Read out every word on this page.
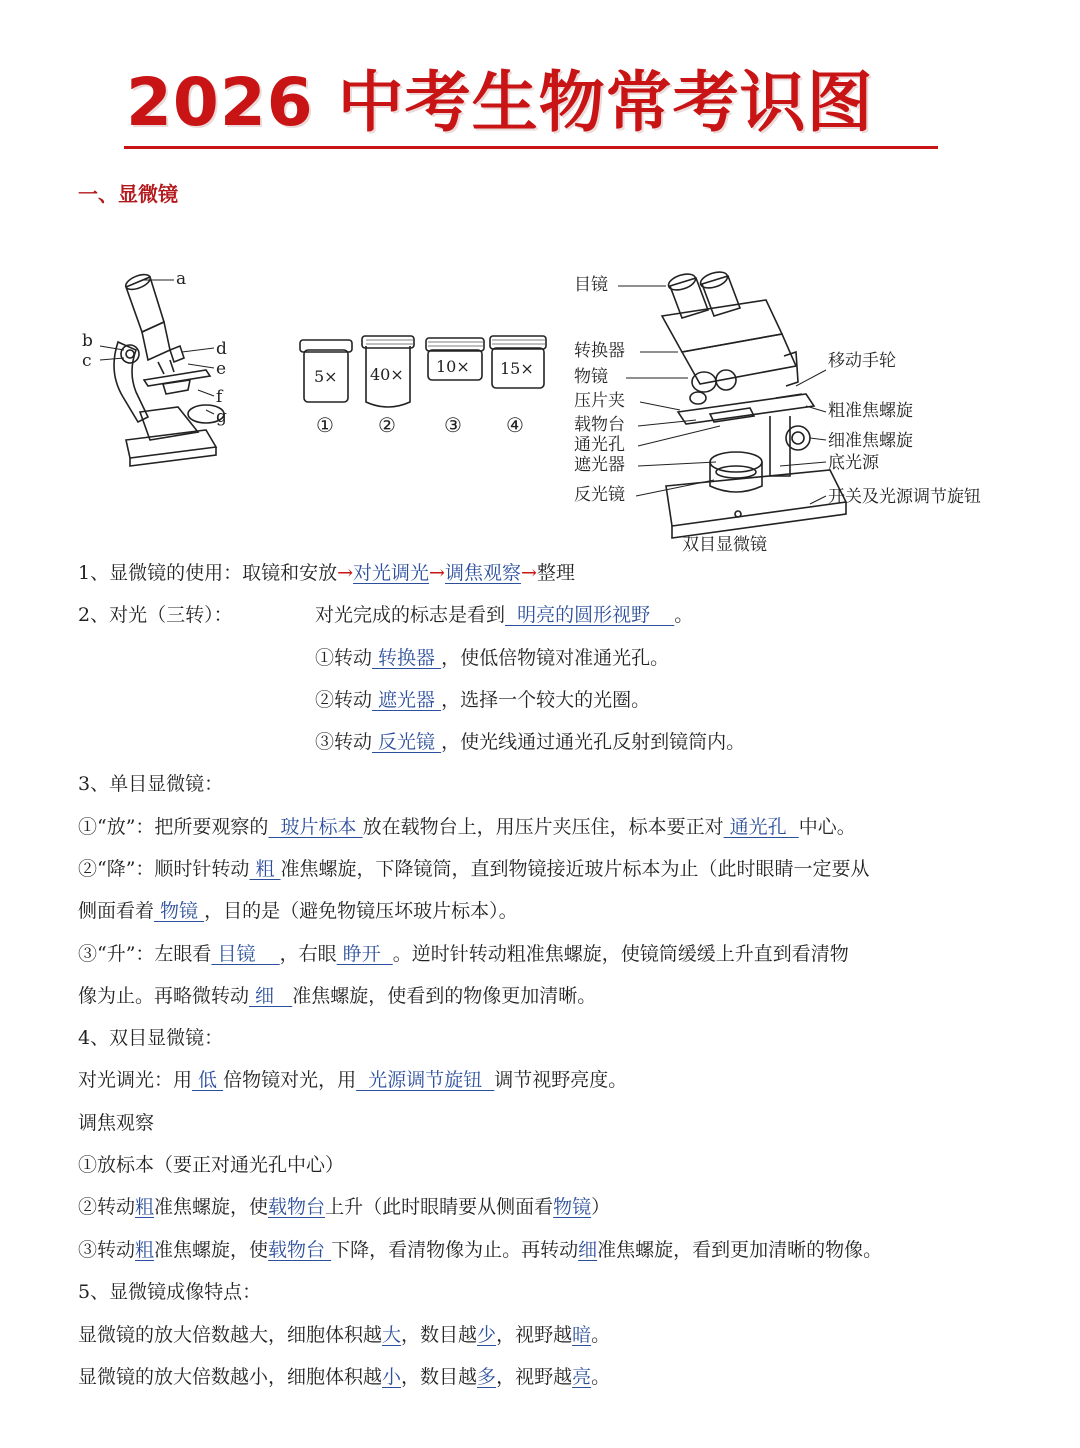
2026 中考生物常考识图
一、显微镜
a
b
c
d
e
f
g
5× 40× 10× 15×
① ② ③ ④
目镜
转换器
物镜
压片夹
载物台
通光孔
遮光器
反光镜
移动手轮
粗准焦螺旋
细准焦螺旋
底光源
开关及光源调节旋钮
双目显微镜
1、显微镜的使用：取镜和安放→对光调光→调焦观察→整理
2、对光（三转）：	对光完成的标志是看到  明亮的圆形视野    。
①转动 转换器 ，使低倍物镜对准通光孔。
②转动 遮光器 ，选择一个较大的光圈。
③转动 反光镜 ，使光线通过通光孔反射到镜筒内。
3、单目显微镜：
①“放”：把所要观察的  玻片标本 放在载物台上，用压片夹压住，标本要正对 通光孔  中心。
②“降”：顺时针转动 粗 准焦螺旋，下降镜筒，直到物镜接近玻片标本为止（此时眼睛一定要从
侧面看着 物镜 ，目的是（避免物镜压坏玻片标本）。
③“升”：左眼看 目镜    ，右眼 睁开  。逆时针转动粗准焦螺旋，使镜筒缓缓上升直到看清物
像为止。再略微转动 细   准焦螺旋，使看到的物像更加清晰。
4、双目显微镜：
对光调光：用 低 倍物镜对光，用  光源调节旋钮  调节视野亮度。
调焦观察
①放标本（要正对通光孔中心）
②转动粗准焦螺旋，使载物台上升（此时眼睛要从侧面看物镜）
③转动粗准焦螺旋，使载物台 下降，看清物像为止。再转动细准焦螺旋，看到更加清晰的物像。
5、显微镜成像特点：
显微镜的放大倍数越大，细胞体积越大，数目越少，视野越暗。
显微镜的放大倍数越小，细胞体积越小，数目越多，视野越亮。
